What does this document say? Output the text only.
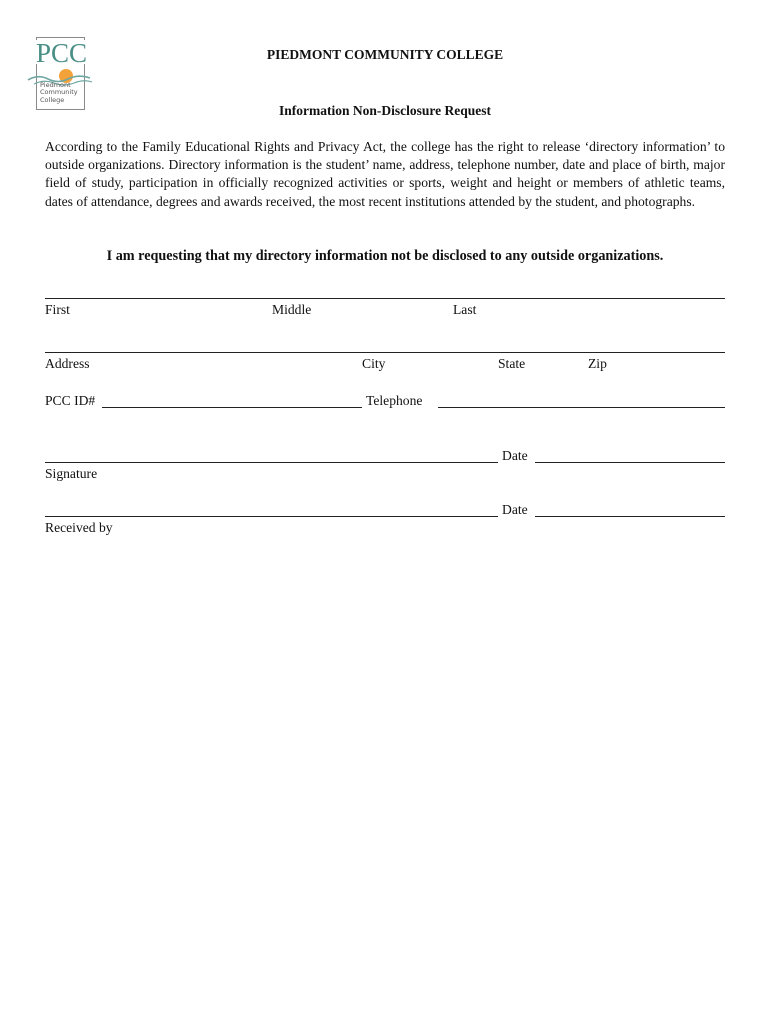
PCC
Piedmont
Community
College
PIEDMONT COMMUNITY COLLEGE
Information Non-Disclosure Request
According to the Family Educational Rights and Privacy Act, the college has the right to release ‘directory information’ to outside organizations. Directory information is the student’ name, address, telephone number, date and place of birth, major field of study, participation in officially recognized activities or sports, weight and height or members of athletic teams, dates of attendance, degrees and awards received, the most recent institutions attended by the student, and photographs.
I am requesting that my directory information not be disclosed to any outside organizations.
First	Middle	Last
Address	City	State	Zip
PCC ID#	Telephone
Date
Signature
Date
Received by
